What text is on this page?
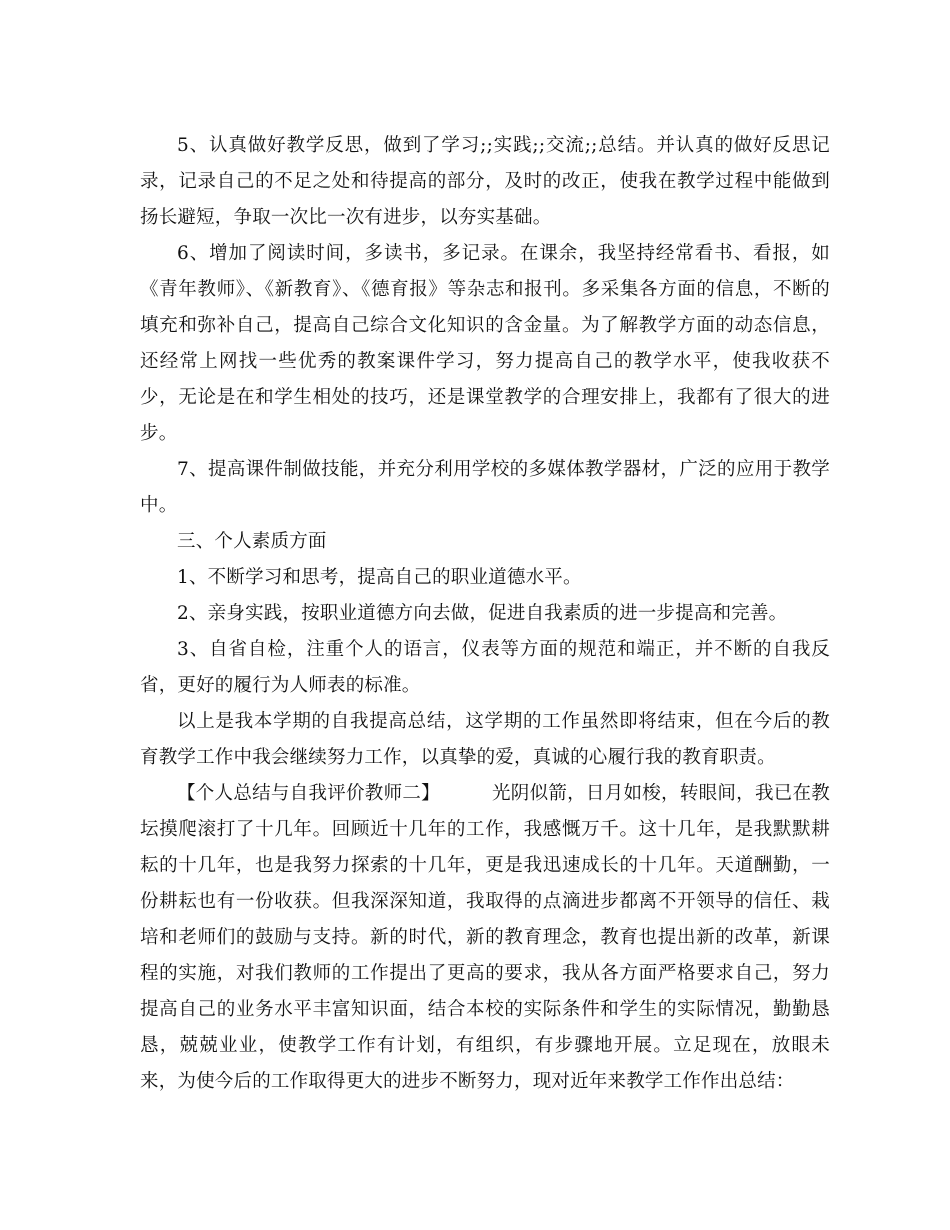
5、认真做好教学反思，做到了学习;;实践;;交流;;总结。并认真的做好反思记录，记录自己的不足之处和待提高的部分，及时的改正，使我在教学过程中能做到扬长避短，争取一次比一次有进步，以夯实基础。

6、增加了阅读时间，多读书，多记录。在课余，我坚持经常看书、看报，如《青年教师》、《新教育》、《德育报》等杂志和报刊。多采集各方面的信息，不断的填充和弥补自己，提高自己综合文化知识的含金量。为了解教学方面的动态信息，还经常上网找一些优秀的教案课件学习，努力提高自己的教学水平，使我收获不少，无论是在和学生相处的技巧，还是课堂教学的合理安排上，我都有了很大的进步。

7、提高课件制做技能，并充分利用学校的多媒体教学器材，广泛的应用于教学中。

三、个人素质方面

1、不断学习和思考，提高自己的职业道德水平。

2、亲身实践，按职业道德方向去做，促进自我素质的进一步提高和完善。

3、自省自检，注重个人的语言，仪表等方面的规范和端正，并不断的自我反省，更好的履行为人师表的标准。

以上是我本学期的自我提高总结，这学期的工作虽然即将结束，但在今后的教育教学工作中我会继续努力工作，以真挚的爱，真诚的心履行我的教育职责。

【个人总结与自我评价教师二】	光阴似箭，日月如梭，转眼间，我已在教坛摸爬滚打了十几年。回顾近十几年的工作，我感慨万千。这十几年，是我默默耕耘的十几年，也是我努力探索的十几年，更是我迅速成长的十几年。天道酬勤，一份耕耘也有一份收获。但我深深知道，我取得的点滴进步都离不开领导的信任、栽培和老师们的鼓励与支持。新的时代，新的教育理念，教育也提出新的改革，新课程的实施，对我们教师的工作提出了更高的要求，我从各方面严格要求自己，努力提高自己的业务水平丰富知识面，结合本校的实际条件和学生的实际情况，勤勤恳恳，兢兢业业，使教学工作有计划，有组织，有步骤地开展。立足现在，放眼未来，为使今后的工作取得更大的进步不断努力，现对近年来教学工作作出总结：
